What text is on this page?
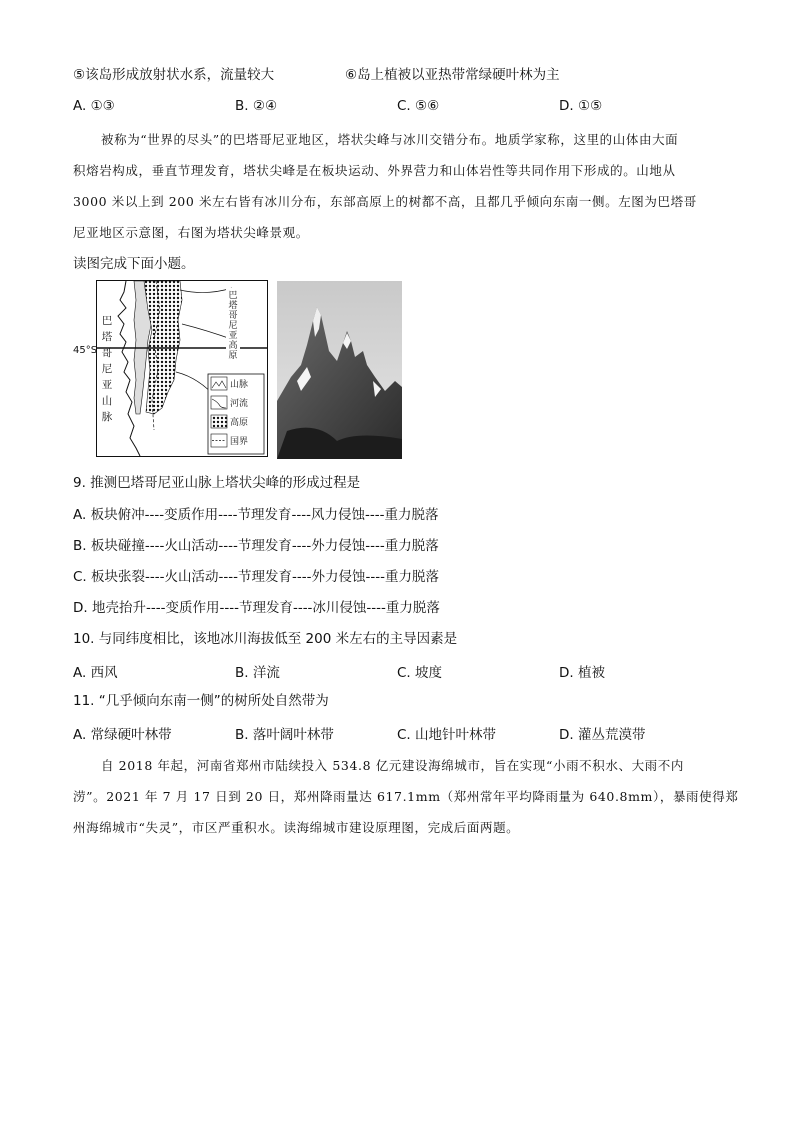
⑤该岛形成放射状水系，流量较大	⑥岛上植被以亚热带常绿硬叶林为主
A. ①③	B. ②④	C. ⑤⑥	D. ①⑤
被称为“世界的尽头”的巴塔哥尼亚地区，塔状尖峰与冰川交错分布。地质学家称，这里的山体由大面
积熔岩构成，垂直节理发育，塔状尖峰是在板块运动、外界营力和山体岩性等共同作用下形成的。山地从
3000 米以上到 200 米左右皆有冰川分布，东部高原上的树都不高，且都几乎倾向东南一侧。左图为巴塔哥
尼亚地区示意图，右图为塔状尖峰景观。
读图完成下面小题。
巴塔哥尼亚高原
山脉
河流
高原
国界
45°S
巴
塔
哥
尼
亚
山
脉
9. 推测巴塔哥尼亚山脉上塔状尖峰的形成过程是
A. 板块俯冲----变质作用----节理发育----风力侵蚀----重力脱落
B. 板块碰撞----火山活动----节理发育----外力侵蚀----重力脱落
C. 板块张裂----火山活动----节理发育----外力侵蚀----重力脱落
D. 地壳抬升----变质作用----节理发育----冰川侵蚀----重力脱落
10. 与同纬度相比，该地冰川海拔低至 200 米左右的主导因素是
A. 西风	B. 洋流	C. 坡度	D. 植被
11. “几乎倾向东南一侧”的树所处自然带为
A. 常绿硬叶林带	B. 落叶阔叶林带	C. 山地针叶林带	D. 灌丛荒漠带
自 2018 年起，河南省郑州市陆续投入 534.8 亿元建设海绵城市，旨在实现“小雨不积水、大雨不内
涝”。2021 年 7 月 17 日到 20 日，郑州降雨量达 617.1mm（郑州常年平均降雨量为 640.8mm），暴雨使得郑
州海绵城市“失灵”，市区严重积水。读海绵城市建设原理图，完成后面两题。
